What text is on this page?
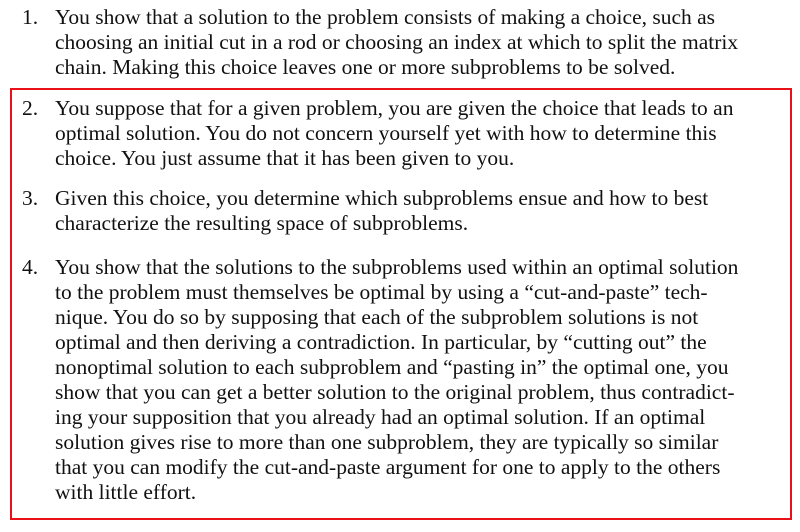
1. You show that a solution to the problem consists of making a choice, such as
choosing an initial cut in a rod or choosing an index at which to split the matrix
chain. Making this choice leaves one or more subproblems to be solved.
2. You suppose that for a given problem, you are given the choice that leads to an
optimal solution. You do not concern yourself yet with how to determine this
choice. You just assume that it has been given to you.
3. Given this choice, you determine which subproblems ensue and how to best
characterize the resulting space of subproblems.
4. You show that the solutions to the subproblems used within an optimal solution
to the problem must themselves be optimal by using a “cut-and-paste” tech-
nique. You do so by supposing that each of the subproblem solutions is not
optimal and then deriving a contradiction. In particular, by “cutting out” the
nonoptimal solution to each subproblem and “pasting in” the optimal one, you
show that you can get a better solution to the original problem, thus contradict-
ing your supposition that you already had an optimal solution. If an optimal
solution gives rise to more than one subproblem, they are typically so similar
that you can modify the cut-and-paste argument for one to apply to the others
with little effort.
